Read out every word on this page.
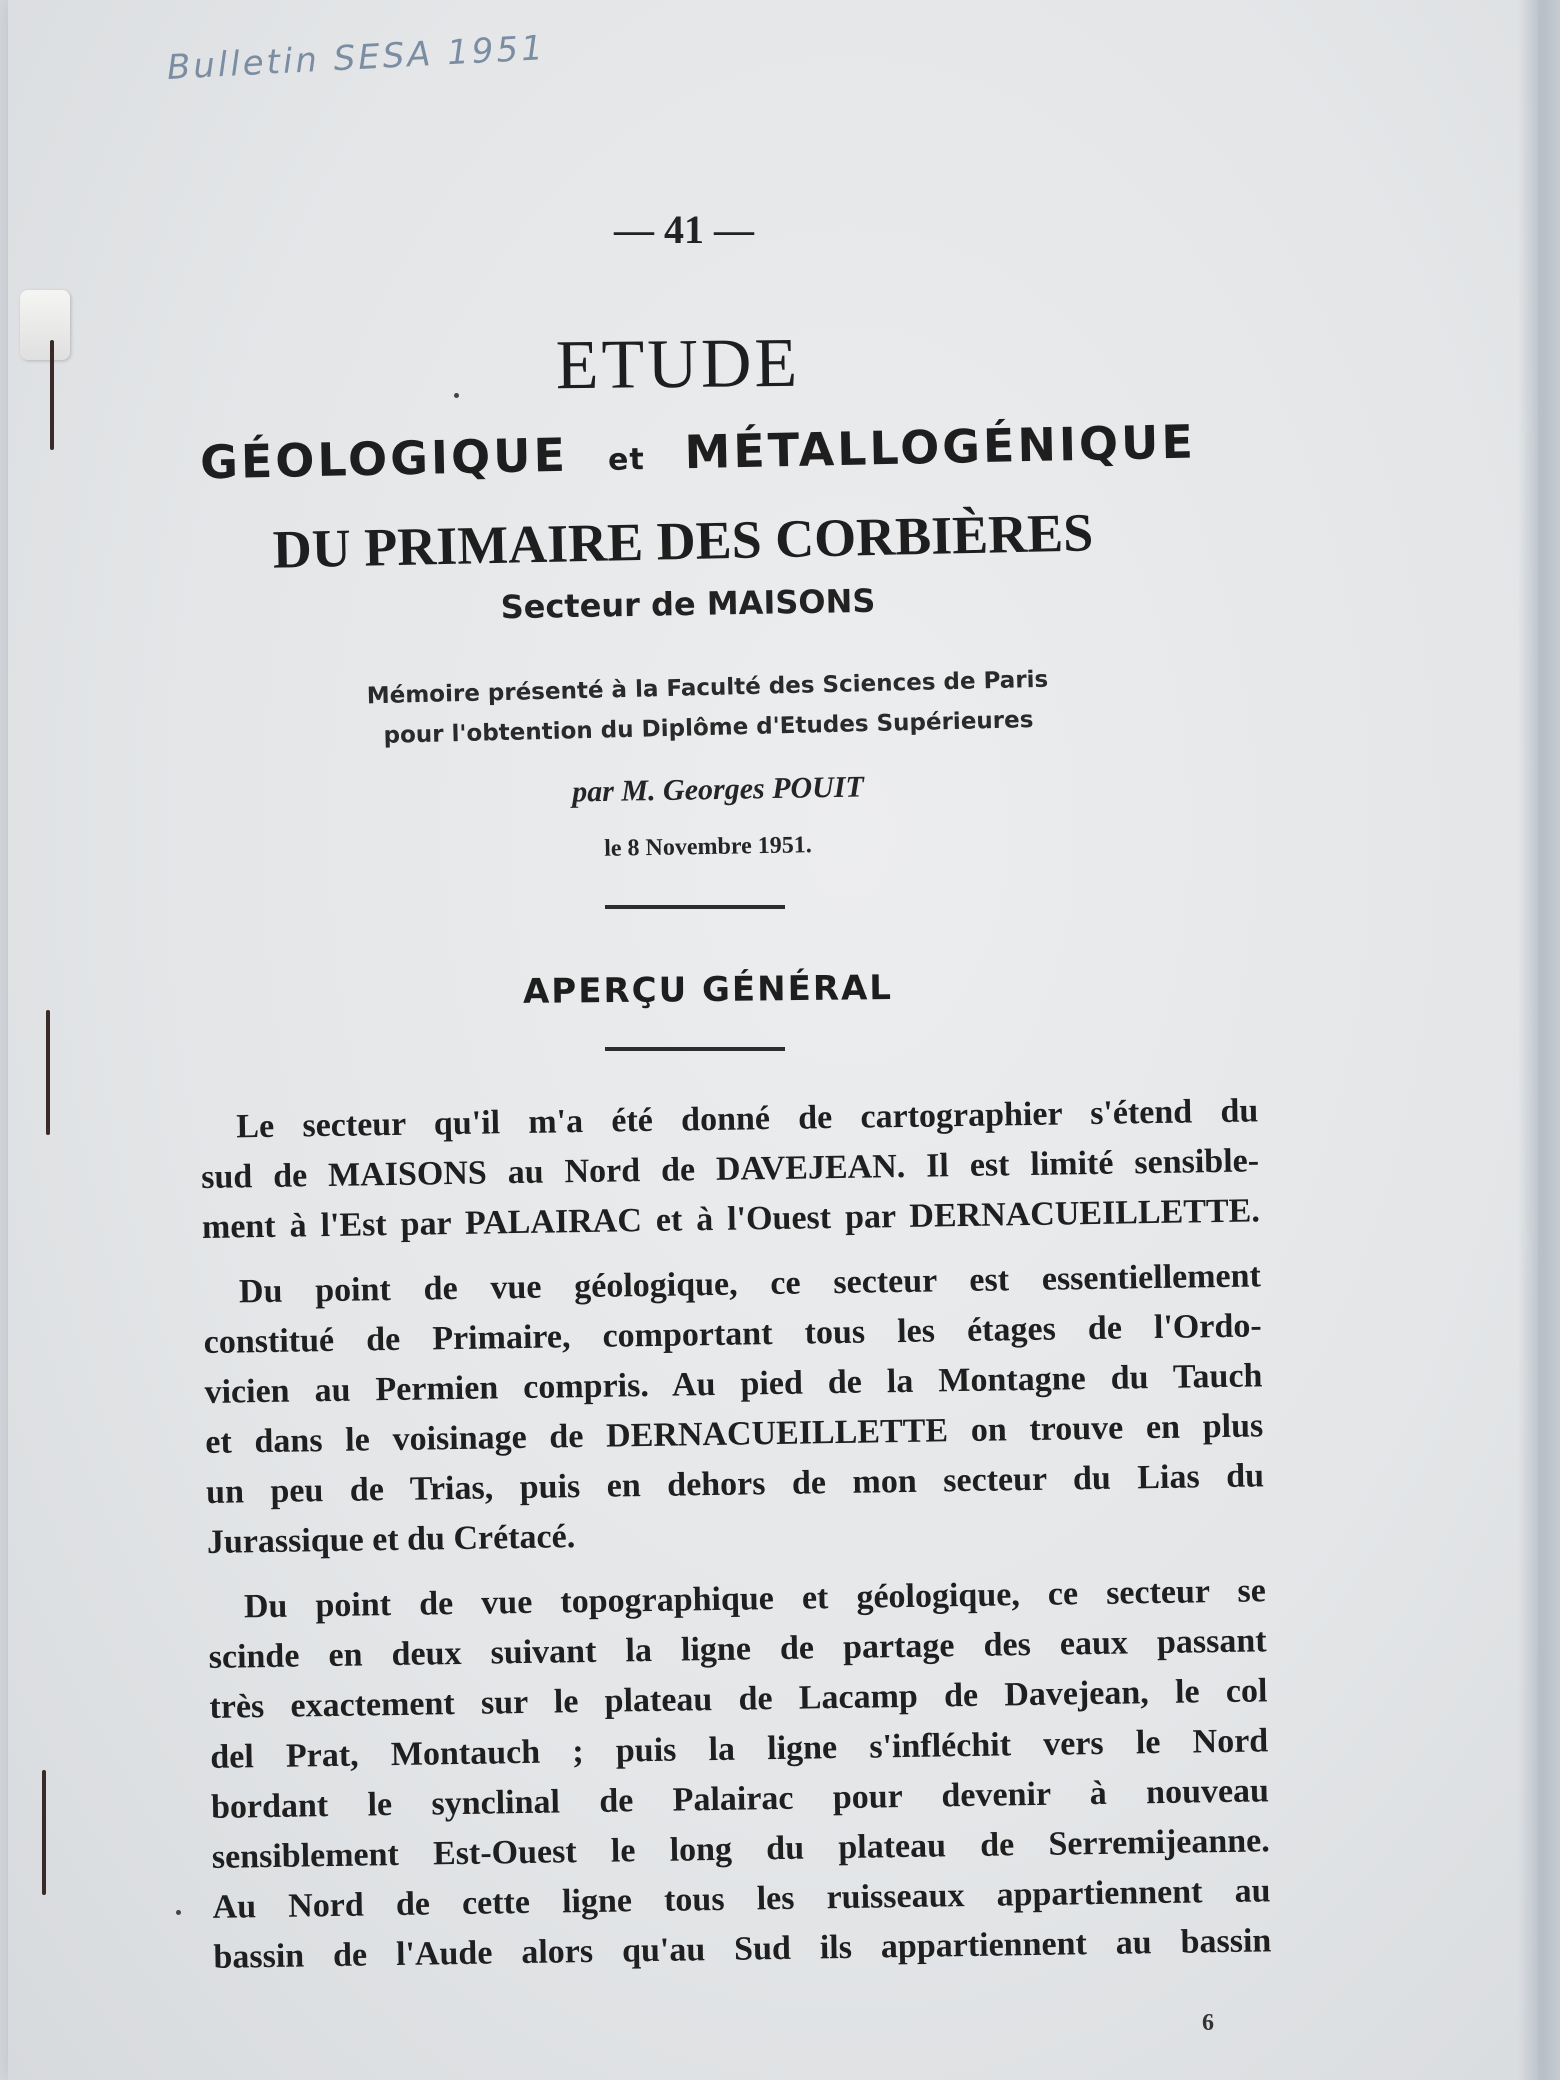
Bulletin SESA 1951
— 41 —
ETUDE
GÉOLOGIQUE et MÉTALLOGÉNIQUE
DU PRIMAIRE DES CORBIÈRES
Secteur de MAISONS
Mémoire présenté à la Faculté des Sciences de Paris
pour l'obtention du Diplôme d'Etudes Supérieures
par M. Georges POUIT
le 8 Novembre 1951.
APERÇU GÉNÉRAL
Le secteur qu'il m'a été donné de cartographier s'étend du
sud de MAISONS au Nord de DAVEJEAN. Il est limité sensible-
ment à l'Est par PALAIRAC et à l'Ouest par DERNACUEILLETTE.
Du point de vue géologique, ce secteur est essentiellement
constitué de Primaire, comportant tous les étages de l'Ordo-
vicien au Permien compris. Au pied de la Montagne du Tauch
et dans le voisinage de DERNACUEILLETTE on trouve en plus
un peu de Trias, puis en dehors de mon secteur du Lias du
Jurassique et du Crétacé.
Du point de vue topographique et géologique, ce secteur se
scinde en deux suivant la ligne de partage des eaux passant
très exactement sur le plateau de Lacamp de Davejean, le col
del Prat, Montauch ; puis la ligne s'infléchit vers le Nord
bordant le synclinal de Palairac pour devenir à nouveau
sensiblement Est-Ouest le long du plateau de Serremijeanne.
Au Nord de cette ligne tous les ruisseaux appartiennent au
bassin de l'Aude alors qu'au Sud ils appartiennent au bassin
6
